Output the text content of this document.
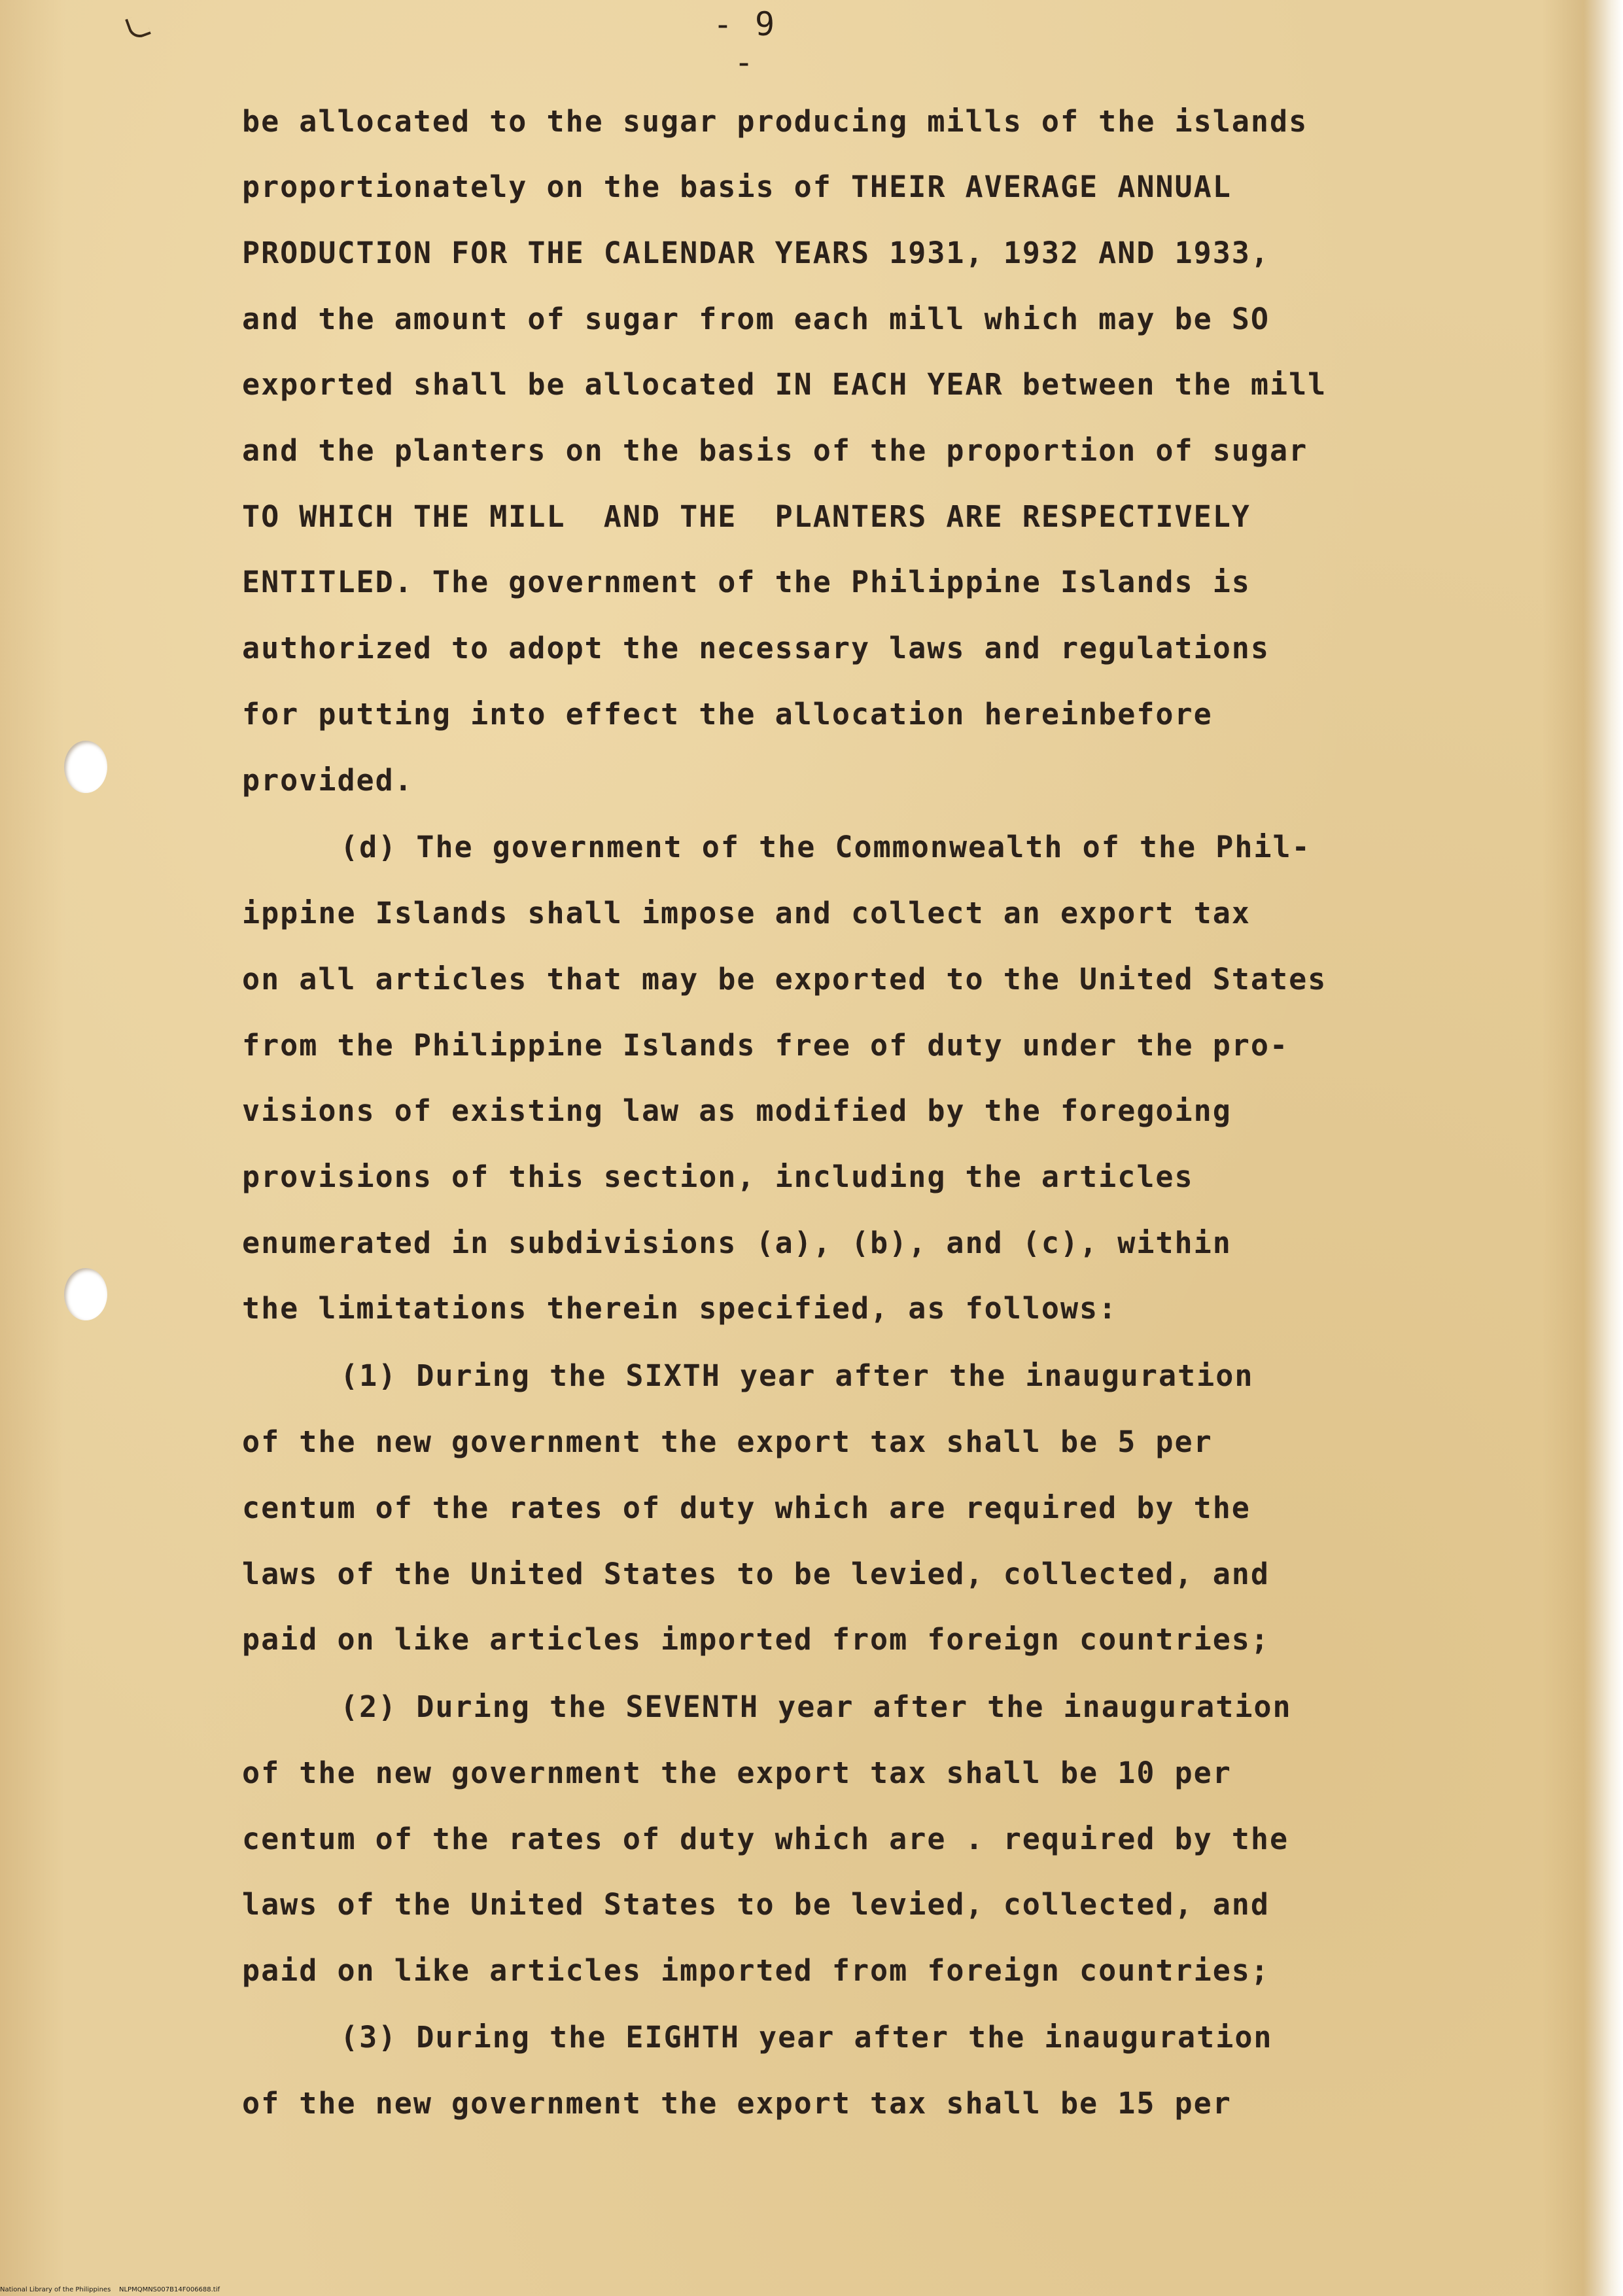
- 9 -

be allocated to the sugar producing mills of the islands

proportionately on the basis of THEIR AVERAGE ANNUAL

PRODUCTION FOR THE CALENDAR YEARS 1931, 1932 AND 1933,

and the amount of sugar from each mill which may be SO

exported shall be allocated IN EACH YEAR between the mill

and the planters on the basis of the proportion of sugar

TO WHICH THE MILL  AND THE  PLANTERS ARE RESPECTIVELY

ENTITLED. The government of the Philippine Islands is

authorized to adopt the necessary laws and regulations

for putting into effect the allocation hereinbefore

provided.

(d) The government of the Commonwealth of the Phil-

ippine Islands shall impose and collect an export tax

on all articles that may be exported to the United States

from the Philippine Islands free of duty under the pro-

visions of existing law as modified by the foregoing

provisions of this section, including the articles

enumerated in subdivisions (a), (b), and (c), within

the limitations therein specified, as follows:

(1) During the SIXTH year after the inauguration

of the new government the export tax shall be 5 per

centum of the rates of duty which are required by the

laws of the United States to be levied, collected, and

paid on like articles imported from foreign countries;

(2) During the SEVENTH year after the inauguration

of the new government the export tax shall be 10 per

centum of the rates of duty which are . required by the

laws of the United States to be levied, collected, and

paid on like articles imported from foreign countries;

(3) During the EIGHTH year after the inauguration

of the new government the export tax shall be 15 per

National Library of the Philippines    NLPMQMNS007B14F006688.tif
